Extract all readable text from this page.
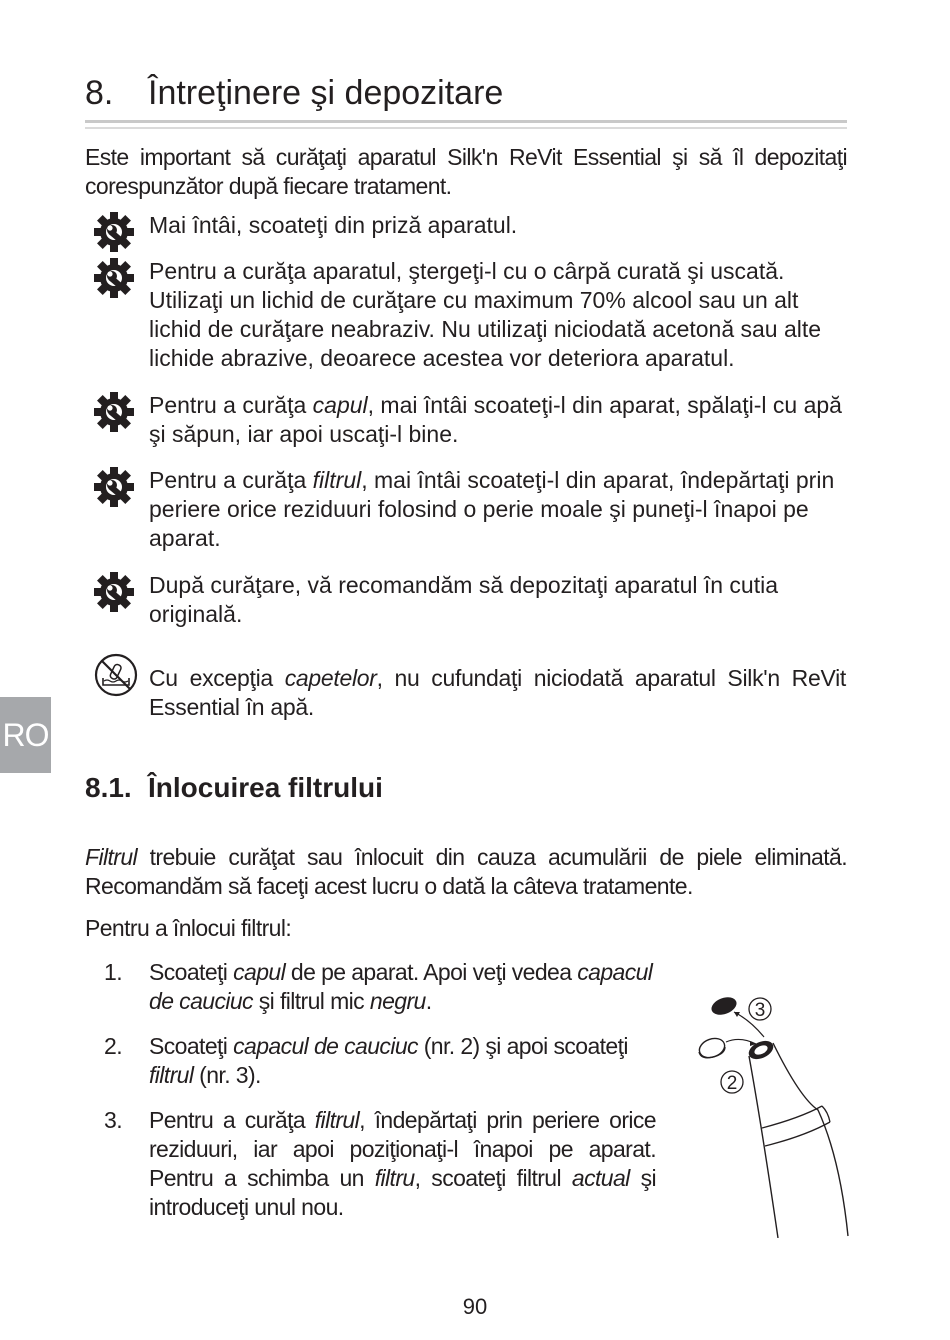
8. Întreţinere şi depozitare

Este important să curăţaţi aparatul Silk'n ReVit Essential şi să îl depozitaţi corespunzător după fiecare tratament.

Mai întâi, scoateţi din priză aparatul.

Pentru a curăţa aparatul, ştergeţi-l cu o cârpă curată şi uscată. Utilizaţi un lichid de curăţare cu maximum 70% alcool sau un alt lichid de curăţare neabraziv. Nu utilizaţi niciodată acetonă sau alte lichide abrazive, deoarece acestea vor deteriora aparatul.

Pentru a curăţa capul, mai întâi scoateţi-l din aparat, spălaţi-l cu apă şi săpun, iar apoi uscaţi-l bine.

Pentru a curăţa filtrul, mai întâi scoateţi-l din aparat, îndepărtaţi prin periere orice reziduuri folosind o perie moale şi puneţi-l înapoi pe aparat.

După curăţare, vă recomandăm să depozitaţi aparatul în cutia originală.

Cu excepţia capetelor, nu cufundaţi niciodată aparatul Silk'n ReVit Essential în apă.

RO
8.1. Înlocuirea filtrului

Filtrul trebuie curăţat sau înlocuit din cauza acumulării de piele eliminată. Recomandăm să faceţi acest lucru o dată la câteva tratamente.

Pentru a înlocui filtrul:

1. Scoateţi capul de pe aparat. Apoi veţi vedea capacul de cauciuc şi filtrul mic negru.

2. Scoateţi capacul de cauciuc (nr. 2) şi apoi scoateţi filtrul (nr. 3).

3. Pentru a curăţa filtrul, îndepărtaţi prin periere orice reziduuri, iar apoi poziţionaţi-l înapoi pe aparat. Pentru a schimba un filtru, scoateţi filtrul actual şi introduceţi unul nou.

3
2
90
